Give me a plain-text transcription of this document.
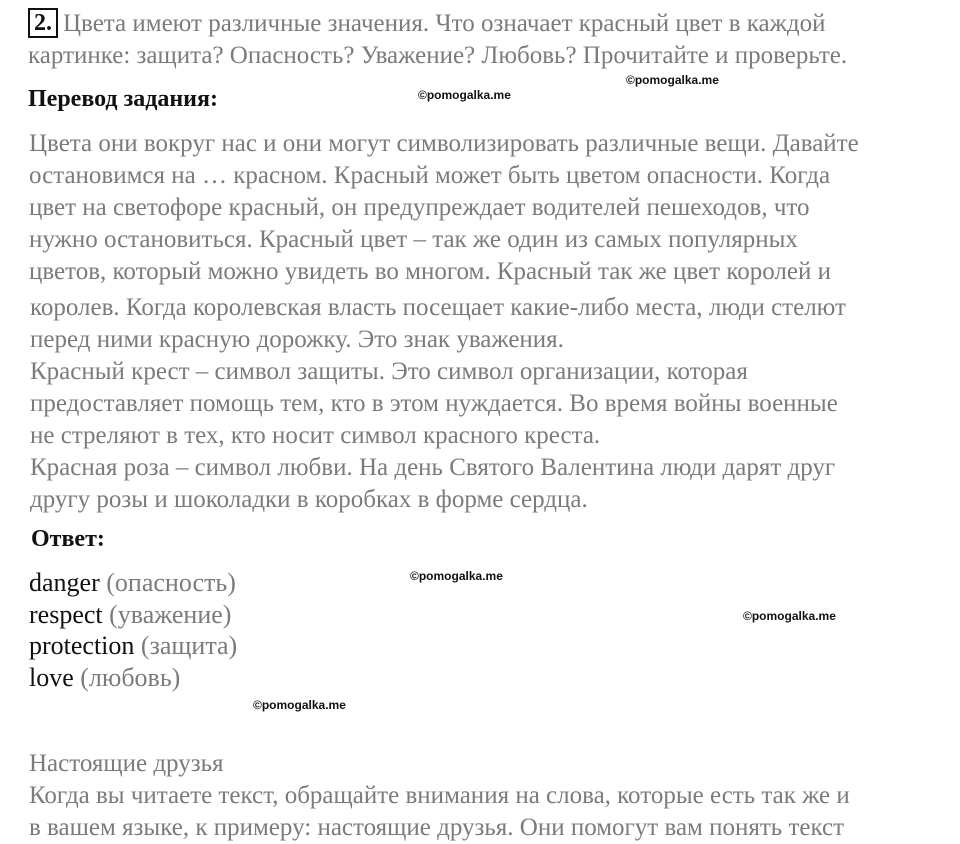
2. Цвета имеют различные значения. Что означает красный цвет в каждой
картинке: защита? Опасность? Уважение? Любовь? Прочитайте и проверьте.
Перевод задания:
Цвета они вокруг нас и они могут символизировать различные вещи. Давайте
остановимся на … красном. Красный может быть цветом опасности. Когда
цвет на светофоре красный, он предупреждает водителей пешеходов, что
нужно остановиться. Красный цвет – так же один из самых популярных
цветов, который можно увидеть во многом. Красный так же цвет королей и
королев. Когда королевская власть посещает какие-либо места, люди стелют
перед ними красную дорожку. Это знак уважения.
Красный крест – символ защиты. Это символ организации, которая
предоставляет помощь тем, кто в этом нуждается. Во время войны военные
не стреляют в тех, кто носит символ красного креста.
Красная роза – символ любви. На день Святого Валентина люди дарят друг
другу розы и шоколадки в коробках в форме сердца.
Ответ:
danger (опасность)
respect (уважение)
protection (защита)
love (любовь)
Настоящие друзья
Когда вы читаете текст, обращайте внимания на слова, которые есть так же и
в вашем языке, к примеру: настоящие друзья. Они помогут вам понять текст
©pomogalka.me
©pomogalka.me
©pomogalka.me
©pomogalka.me
©pomogalka.me
